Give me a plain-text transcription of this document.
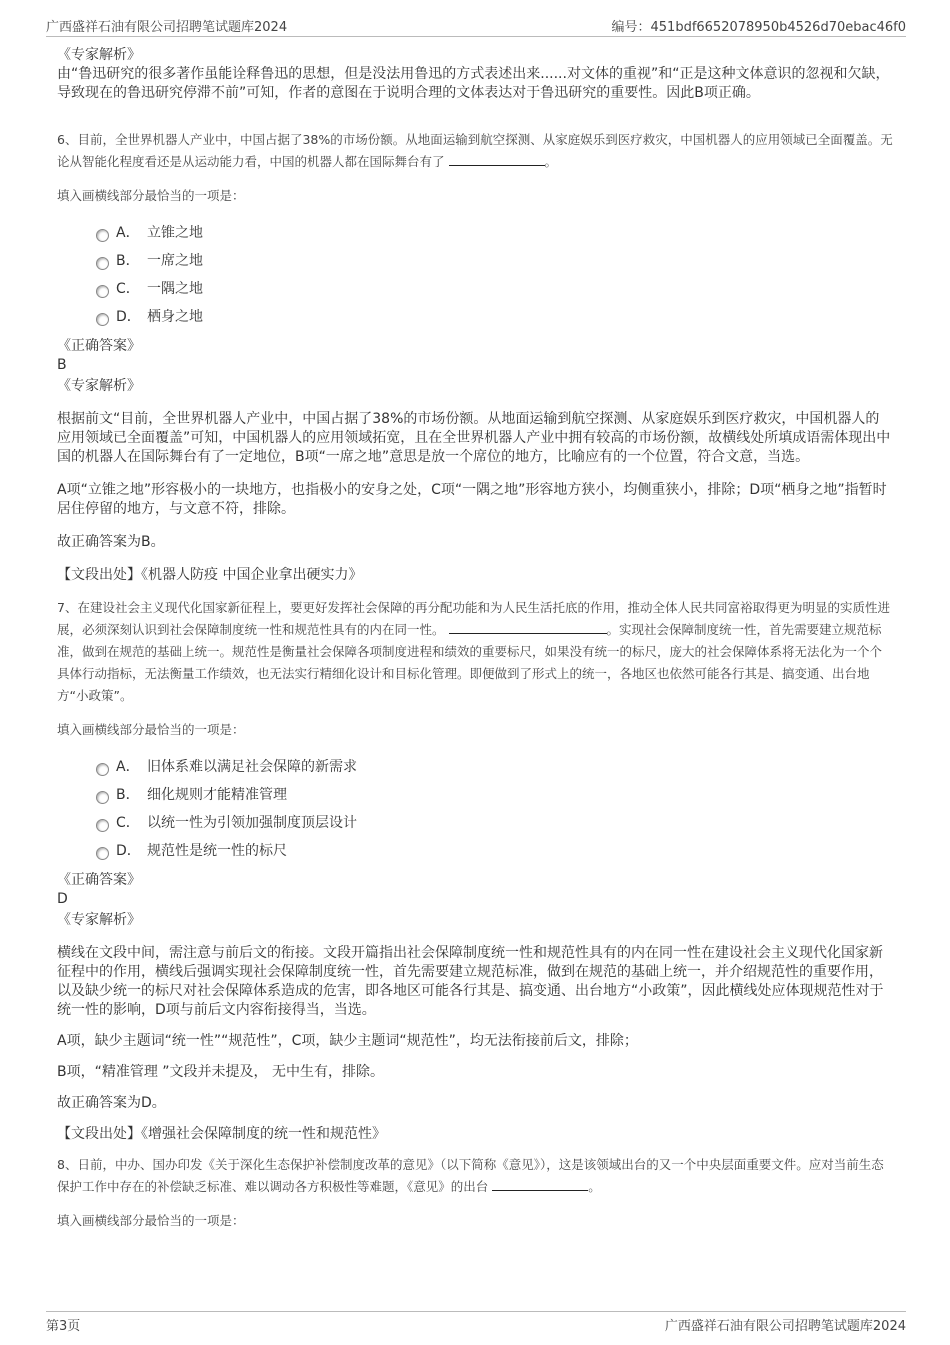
广西盛祥石油有限公司招聘笔试题库2024	编号：451bdf6652078950b4526d70ebac46f0

《专家解析》

由“鲁迅研究的很多著作虽能诠释鲁迅的思想，但是没法用鲁迅的方式表述出来......对文体的重视”和“正是这种文体意识的忽视和欠缺，导致现在的鲁迅研究停滞不前”可知，作者的意图在于说明合理的文体表达对于鲁迅研究的重要性。因此B项正确。

6、目前，全世界机器人产业中，中国占据了38%的市场份额。从地面运输到航空探测、从家庭娱乐到医疗救灾，中国机器人的应用领域已全面覆盖。无论从智能化程度看还是从运动能力看，中国的机器人都在国际舞台有了	。

填入画横线部分最恰当的一项是：

A． 立锥之地
B． 一席之地
C． 一隅之地
D． 栖身之地

《正确答案》

B

《专家解析》

根据前文“目前，全世界机器人产业中，中国占据了38%的市场份额。从地面运输到航空探测、从家庭娱乐到医疗救灾，中国机器人的应用领域已全面覆盖”可知，中国机器人的应用领域拓宽，且在全世界机器人产业中拥有较高的市场份额，故横线处所填成语需体现出中国的机器人在国际舞台有了一定地位，B项“一席之地”意思是放一个席位的地方，比喻应有的一个位置，符合文意，当选。

A项“立锥之地”形容极小的一块地方，也指极小的安身之处，C项“一隅之地”形容地方狭小，均侧重狭小，排除；D项“栖身之地”指暂时居住停留的地方，与文意不符，排除。

故正确答案为B。

【文段出处】《机器人防疫 中国企业拿出硬实力》

7、在建设社会主义现代化国家新征程上，要更好发挥社会保障的再分配功能和为人民生活托底的作用，推动全体人民共同富裕取得更为明显的实质性进展，必须深刻认识到社会保障制度统一性和规范性具有的内在同一性。	。实现社会保障制度统一性，首先需要建立规范标准，做到在规范的基础上统一。规范性是衡量社会保障各项制度进程和绩效的重要标尺，如果没有统一的标尺，庞大的社会保障体系将无法化为一个个具体行动指标，无法衡量工作绩效，也无法实行精细化设计和目标化管理。即便做到了形式上的统一，各地区也依然可能各行其是、搞变通、出台地方“小政策”。

填入画横线部分最恰当的一项是：

A． 旧体系难以满足社会保障的新需求
B． 细化规则才能精准管理
C． 以统一性为引领加强制度顶层设计
D． 规范性是统一性的标尺

《正确答案》

D

《专家解析》

横线在文段中间，需注意与前后文的衔接。文段开篇指出社会保障制度统一性和规范性具有的内在同一性在建设社会主义现代化国家新征程中的作用，横线后强调实现社会保障制度统一性，首先需要建立规范标准，做到在规范的基础上统一，并介绍规范性的重要作用，以及缺少统一的标尺对社会保障体系造成的危害，即各地区可能各行其是、搞变通、出台地方“小政策”，因此横线处应体现规范性对于统一性的影响，D项与前后文内容衔接得当，当选。

A项，缺少主题词“统一性”“规范性”，C项，缺少主题词“规范性”，均无法衔接前后文，排除；

B项，“精准管理 ”文段并未提及， 无中生有，排除。

故正确答案为D。

【文段出处】《增强社会保障制度的统一性和规范性》

8、日前，中办、国办印发《关于深化生态保护补偿制度改革的意见》（以下简称《意见》），这是该领域出台的又一个中央层面重要文件。应对当前生态保护工作中存在的补偿缺乏标准、难以调动各方积极性等难题，《意见》的出台	。

填入画横线部分最恰当的一项是：

第3页	广西盛祥石油有限公司招聘笔试题库2024
